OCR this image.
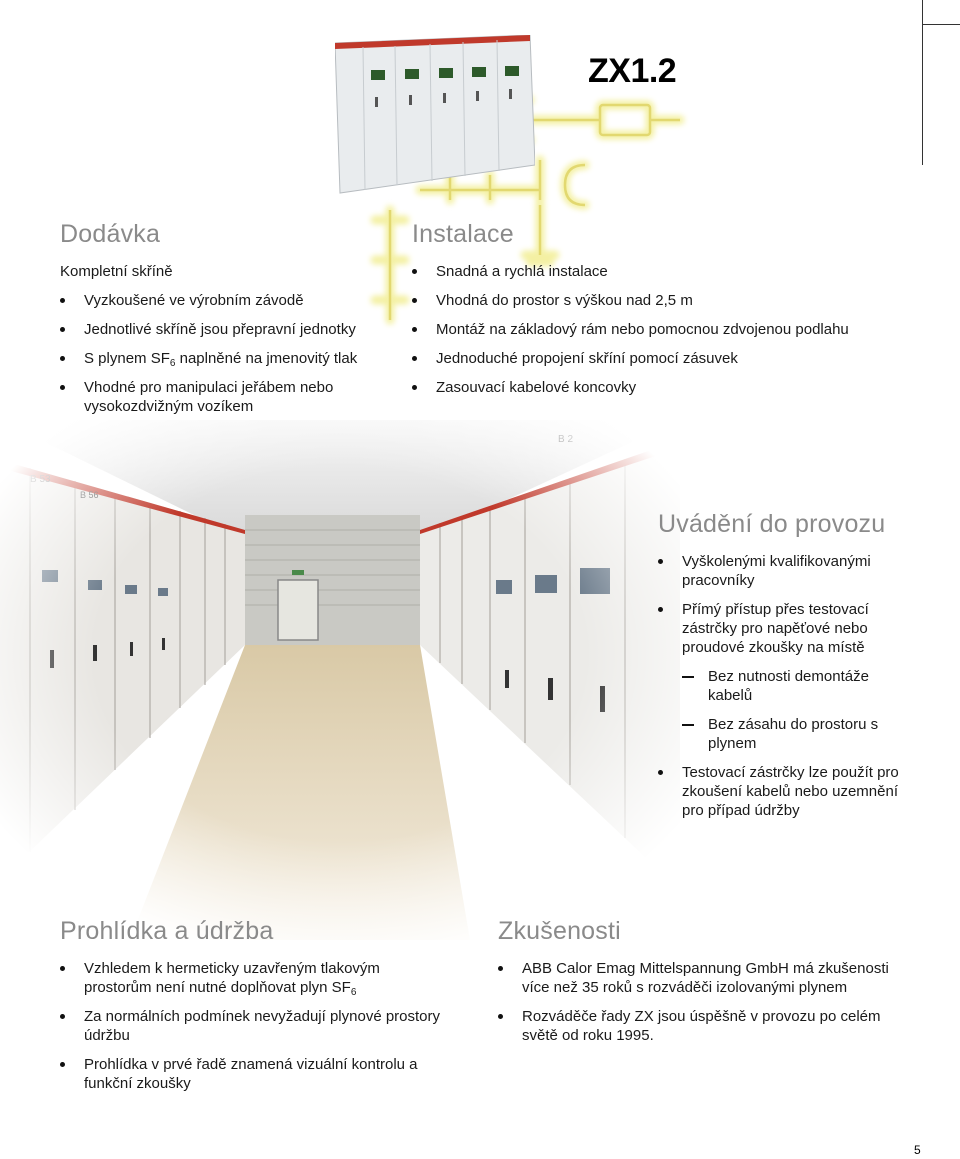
ZX1.2
Dodávka
Kompletní skříně
Vyzkoušené ve výrobním závodě
Jednotlivé skříně jsou přepravní jednotky
S plynem $SF_6$ naplněné na jmenovitý tlak
Vhodné pro manipulaci jeřábem nebo vysokozdvižným vozíkem
Instalace
Snadná a rychlá instalace
Vhodná do prostor s výškou nad 2,5 m
Montáž na základový rám nebo pomocnou zdvojenou podlahu
Jednoduché propojení skříní pomocí zásuvek
Zasouvací kabelové koncovky
Uvádění do provozu
Vyškolenými kvalifikovanými pracovníky
Přímý přístup přes testovací zástrčky pro napěťové nebo proudové zkoušky na místě
Bez nutnosti demontáže kabelů
Bez zásahu do prostoru s plynem
Testovací zástrčky lze použít pro zkoušení kabelů nebo uzemnění pro případ údržby
Prohlídka a údržba
Vzhledem k hermeticky uzavřeným tlakovým prostorům není nutné doplňovat plyn $SF_6$
Za normálních podmínek nevyžadují plynové prostory údržbu
Prohlídka v prvé řadě znamená vizuální kontrolu a funkční zkoušky
Zkušenosti
ABB Calor Emag Mittelspannung GmbH má zkušenosti více než 35 roků s rozváděči izolovanými plynem
Rozváděče řady ZX jsou úspěšně v provozu po celém světě od roku 1995.
5
